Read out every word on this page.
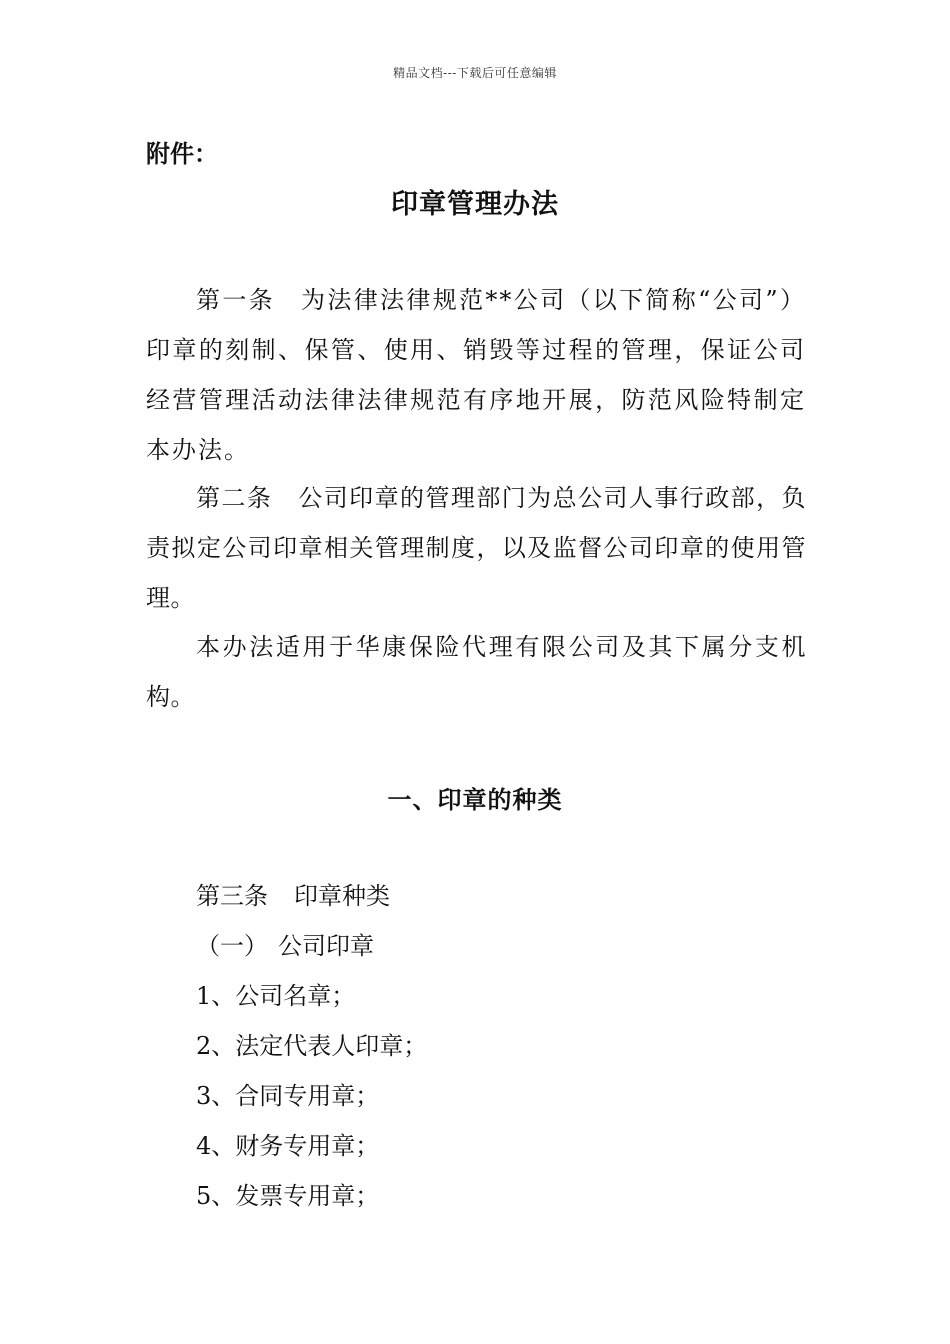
精品文档---下载后可任意编辑
附件：
印章管理办法

第一条 为法律法律规范**公司（以下简称“公司”）印章的刻制、保管、使用、销毁等过程的管理，保证公司经营管理活动法律法律规范有序地开展，防范风险特制定本办法。

第二条 公司印章的管理部门为总公司人事行政部，负责拟定公司印章相关管理制度，以及监督公司印章的使用管理。

本办法适用于华康保险代理有限公司及其下属分支机构。

一、印章的种类

第三条 印章种类

（一） 公司印章

1、公司名章；

2、法定代表人印章；

3、合同专用章；

4、财务专用章；

5、发票专用章；
